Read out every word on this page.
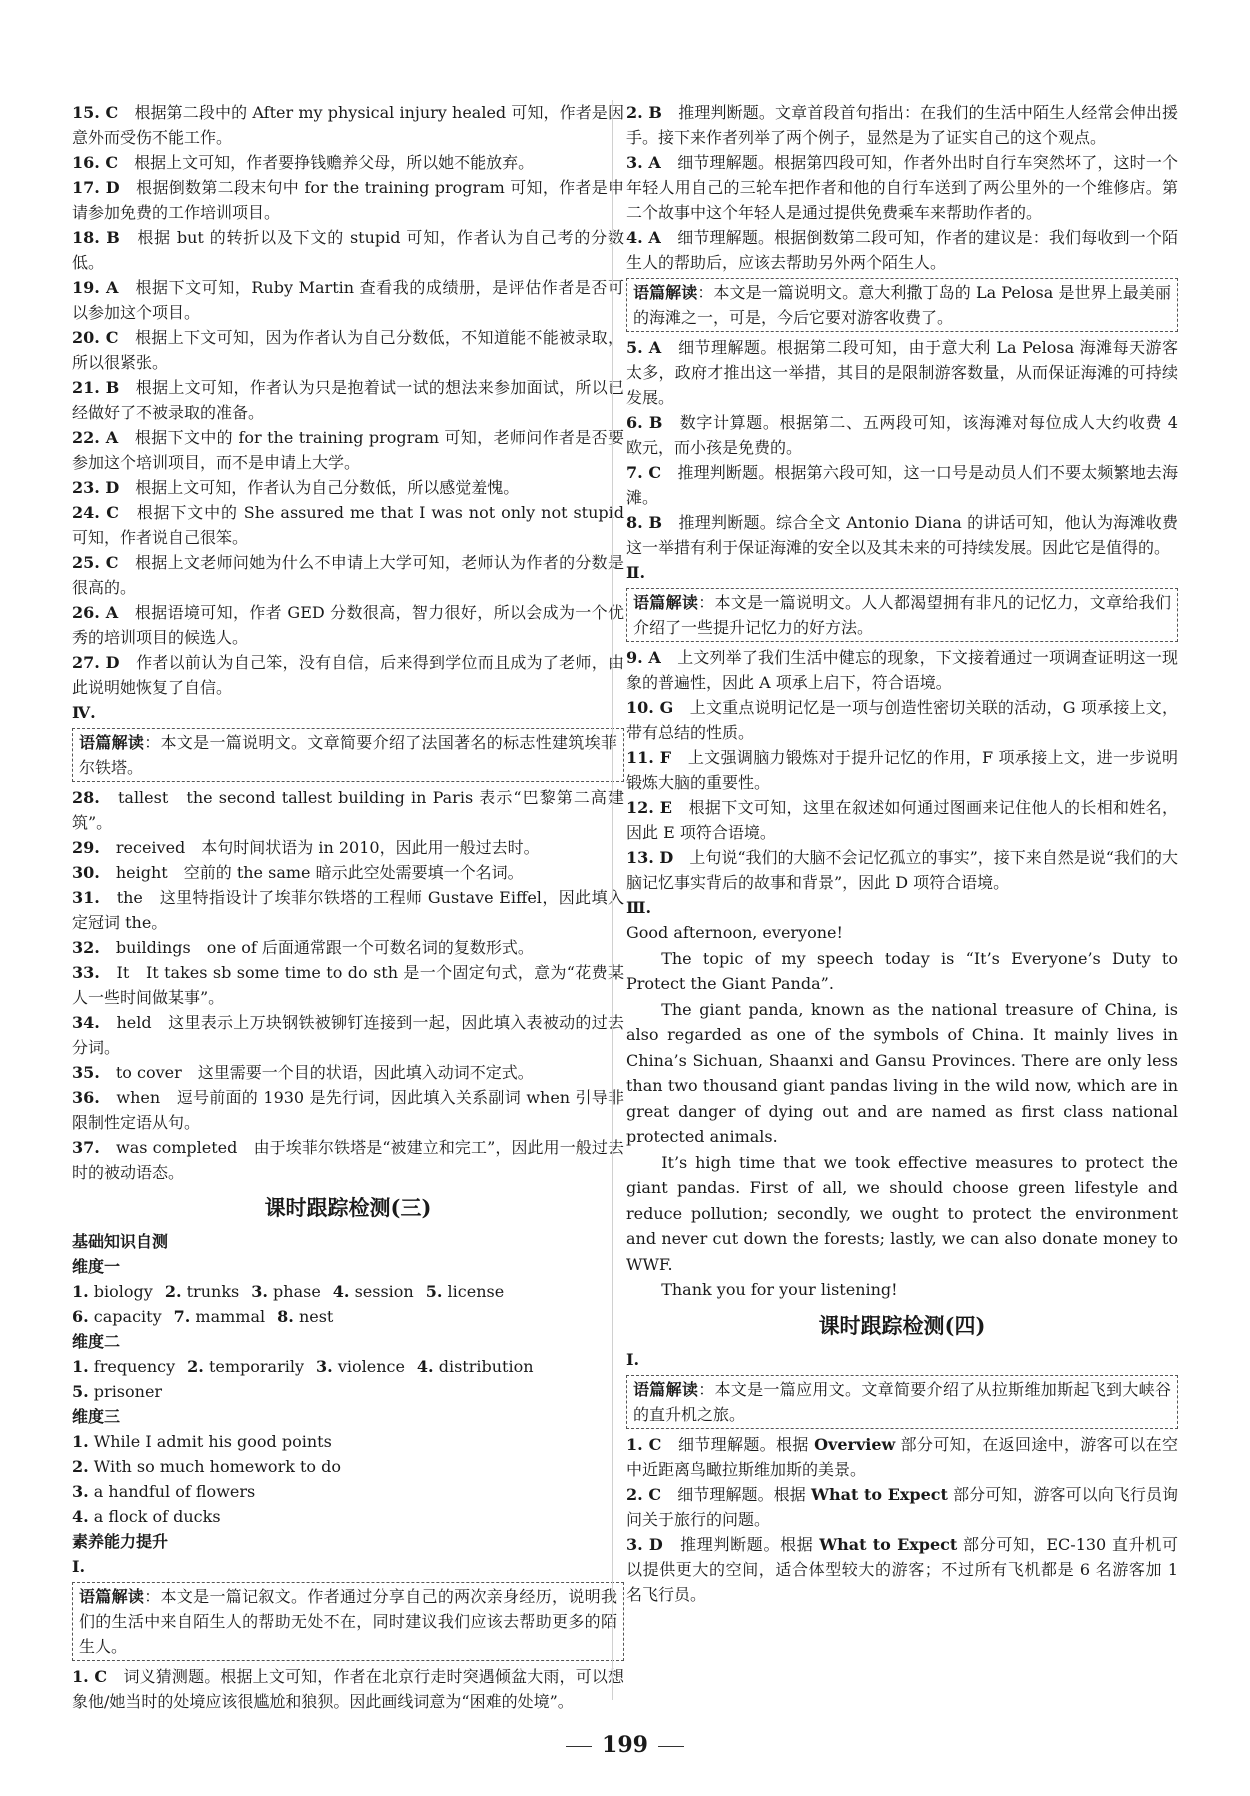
15. C　 根据第二段中的 After my physical injury healed 可知，作者是因意外而受伤不能工作。

16. C　 根据上文可知，作者要挣钱赡养父母，所以她不能放弃。

17. D　 根据倒数第二段末句中 for the training program 可知，作者是申请参加免费的工作培训项目。

18. B　 根据 but 的转折以及下文的 stupid 可知，作者认为自己考的分数低。

19. A　 根据下文可知，Ruby Martin 查看我的成绩册，是评估作者是否可以参加这个项目。

20. C　 根据上下文可知，因为作者认为自己分数低，不知道能不能被录取，所以很紧张。

21. B　 根据上文可知，作者认为只是抱着试一试的想法来参加面试，所以已经做好了不被录取的准备。

22. A　 根据下文中的 for the training program 可知，老师问作者是否要参加这个培训项目，而不是申请上大学。

23. D　 根据上文可知，作者认为自己分数低，所以感觉羞愧。

24. C　 根据下文中的 She assured me that I was not only not stupid 可知，作者说自己很笨。

25. C　 根据上文老师问她为什么不申请上大学可知，老师认为作者的分数是很高的。

26. A　 根据语境可知，作者 GED 分数很高，智力很好，所以会成为一个优秀的培训项目的候选人。

27. D　 作者以前认为自己笨，没有自信，后来得到学位而且成为了老师，由此说明她恢复了自信。

Ⅳ.

语篇解读：本文是一篇说明文。文章简要介绍了法国著名的标志性建筑埃菲尔铁塔。

28.　 tallest　the second tallest building in Paris 表示“巴黎第二高建筑”。

29.　 received　本句时间状语为 in 2010，因此用一般过去时。

30.　 height　空前的 the same 暗示此空处需要填一个名词。

31.　 the　这里特指设计了埃菲尔铁塔的工程师 Gustave Eiffel，因此填入定冠词 the。

32.　 buildings　one of 后面通常跟一个可数名词的复数形式。

33.　 It　It takes sb some time to do sth 是一个固定句式，意为“花费某人一些时间做某事”。

34.　 held　这里表示上万块钢铁被铆钉连接到一起，因此填入表被动的过去分词。

35.　 to cover　这里需要一个目的状语，因此填入动词不定式。

36.　 when　逗号前面的 1930 是先行词，因此填入关系副词 when 引导非限制性定语从句。

37.　 was completed　由于埃菲尔铁塔是“被建立和完工”，因此用一般过去时的被动语态。

课时跟踪检测(三)

基础知识自测

维度一

1. biology 2. trunks 3. phase 4. session 5. license

6. capacity 7. mammal 8. nest

维度二

1. frequency 2. temporarily 3. violence 4. distribution

5. prisoner

维度三

1. While I admit his good points

2. With so much homework to do

3. a handful of flowers

4. a flock of ducks

素养能力提升

Ⅰ.

语篇解读：本文是一篇记叙文。作者通过分享自己的两次亲身经历，说明我们的生活中来自陌生人的帮助无处不在，同时建议我们应该去帮助更多的陌生人。

1. C　 词义猜测题。根据上文可知，作者在北京行走时突遇倾盆大雨，可以想象他/她当时的处境应该很尴尬和狼狈。因此画线词意为“困难的处境”。

2. B　 推理判断题。文章首段首句指出：在我们的生活中陌生人经常会伸出援手。接下来作者列举了两个例子，显然是为了证实自己的这个观点。

3. A　 细节理解题。根据第四段可知，作者外出时自行车突然坏了，这时一个年轻人用自己的三轮车把作者和他的自行车送到了两公里外的一个维修店。第二个故事中这个年轻人是通过提供免费乘车来帮助作者的。

4. A　 细节理解题。根据倒数第二段可知，作者的建议是：我们每收到一个陌生人的帮助后，应该去帮助另外两个陌生人。

语篇解读：本文是一篇说明文。意大利撒丁岛的 La Pelosa 是世界上最美丽的海滩之一，可是，今后它要对游客收费了。

5. A　 细节理解题。根据第二段可知，由于意大利 La Pelosa 海滩每天游客太多，政府才推出这一举措，其目的是限制游客数量，从而保证海滩的可持续发展。

6. B　 数字计算题。根据第二、五两段可知，该海滩对每位成人大约收费 4 欧元，而小孩是免费的。

7. C　 推理判断题。根据第六段可知，这一口号是动员人们不要太频繁地去海滩。

8. B　 推理判断题。综合全文 Antonio Diana 的讲话可知，他认为海滩收费这一举措有利于保证海滩的安全以及其未来的可持续发展。因此它是值得的。

Ⅱ.

语篇解读：本文是一篇说明文。人人都渴望拥有非凡的记忆力，文章给我们介绍了一些提升记忆力的好方法。

9. A　 上文列举了我们生活中健忘的现象，下文接着通过一项调查证明这一现象的普遍性，因此 A 项承上启下，符合语境。

10. G　 上文重点说明记忆是一项与创造性密切关联的活动，G 项承接上文，带有总结的性质。

11. F　 上文强调脑力锻炼对于提升记忆的作用，F 项承接上文，进一步说明锻炼大脑的重要性。

12. E　 根据下文可知，这里在叙述如何通过图画来记住他人的长相和姓名，因此 E 项符合语境。

13. D　 上句说“我们的大脑不会记忆孤立的事实”，接下来自然是说“我们的大脑记忆事实背后的故事和背景”，因此 D 项符合语境。

Ⅲ.

Good afternoon, everyone!

The topic of my speech today is “It’s Everyone’s Duty to Protect the Giant Panda”.

The giant panda, known as the national treasure of China, is also regarded as one of the symbols of China. It mainly lives in China’s Sichuan, Shaanxi and Gansu Provinces. There are only less than two thousand giant pandas living in the wild now, which are in great danger of dying out and are named as first class national protected animals.

It’s high time that we took effective measures to protect the giant pandas. First of all, we should choose green lifestyle and reduce pollution; secondly, we ought to protect the environment and never cut down the forests; lastly, we can also donate money to WWF.

Thank you for your listening!

课时跟踪检测(四)

Ⅰ.

语篇解读：本文是一篇应用文。文章简要介绍了从拉斯维加斯起飞到大峡谷的直升机之旅。

1. C　 细节理解题。根据 Overview 部分可知，在返回途中，游客可以在空中近距离鸟瞰拉斯维加斯的美景。

2. C　 细节理解题。根据 What to Expect 部分可知，游客可以向飞行员询问关于旅行的问题。

3. D　 推理判断题。根据 What to Expect 部分可知，EC-130 直升机可以提供更大的空间，适合体型较大的游客；不过所有飞机都是 6 名游客加 1 名飞行员。

199
